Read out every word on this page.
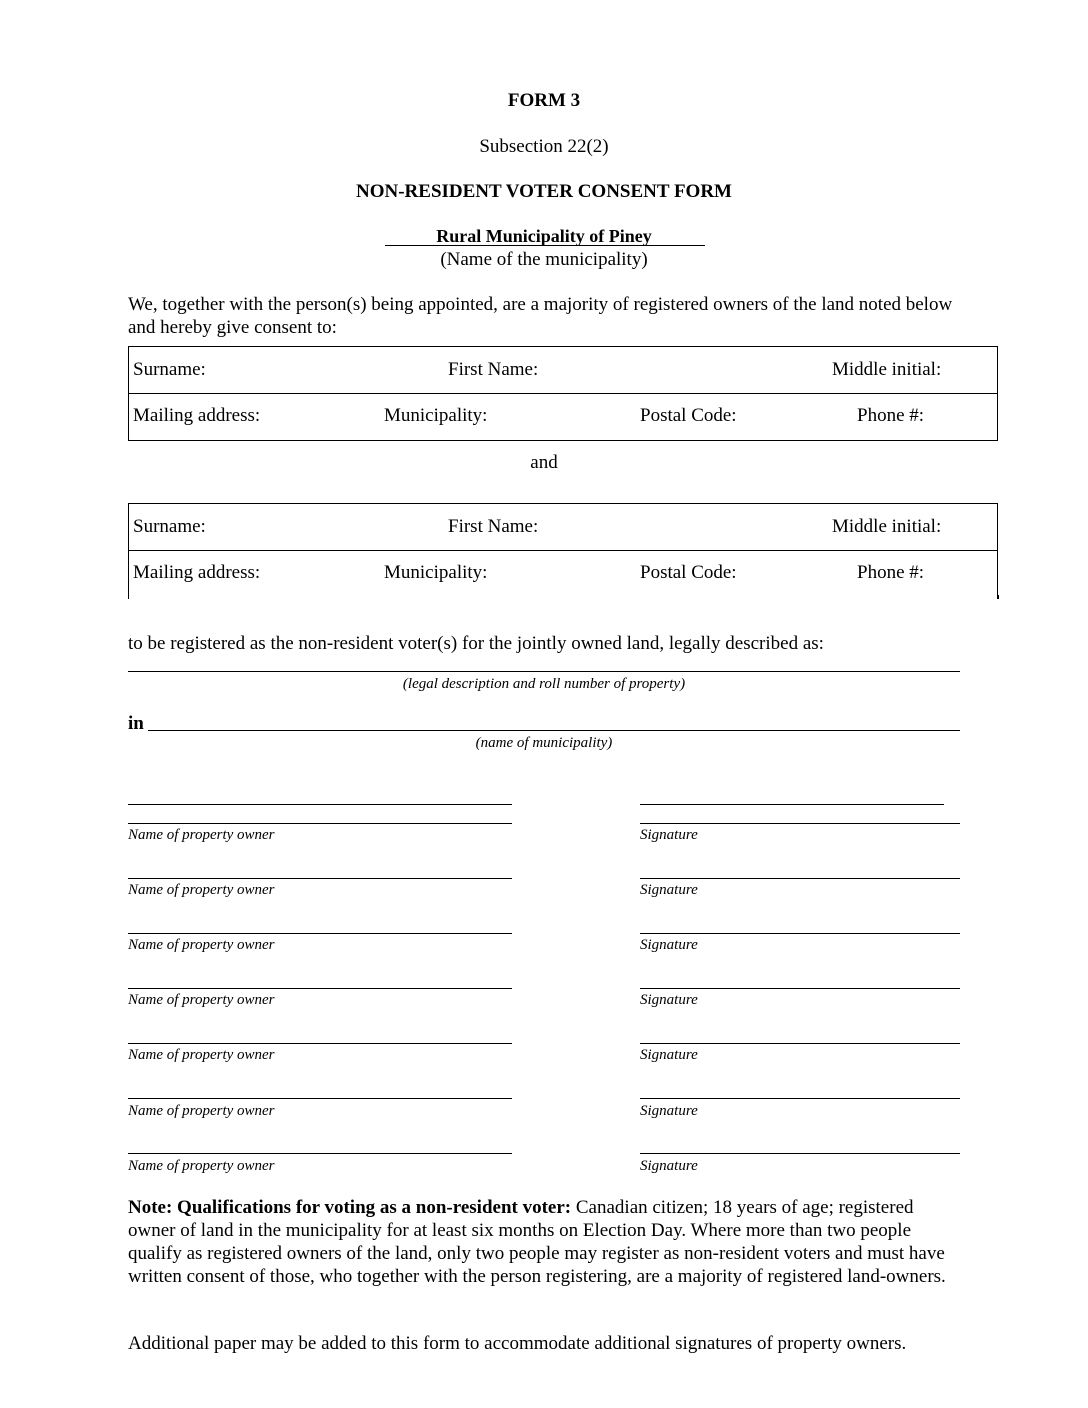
FORM 3
Subsection 22(2)
NON-RESIDENT VOTER CONSENT FORM
Rural Municipality of Piney
(Name of the municipality)
We, together with the person(s) being appointed, are a majority of registered owners of the land noted below and hereby give consent to:
Surname:	First Name:	Middle initial:
Mailing address:	Municipality:	Postal Code:	Phone #:
and
Surname:	First Name:	Middle initial:
Mailing address:	Municipality:	Postal Code:	Phone #:
to be registered as the non-resident voter(s) for the jointly owned land, legally described as:
(legal description and roll number of property)
in
(name of municipality)
Name of property owner	Signature
Name of property owner	Signature
Name of property owner	Signature
Name of property owner	Signature
Name of property owner	Signature
Name of property owner	Signature
Name of property owner	Signature
Note: Qualifications for voting as a non-resident voter: Canadian citizen; 18 years of age; registered owner of land in the municipality for at least six months on Election Day. Where more than two people qualify as registered owners of the land, only two people may register as non-resident voters and must have written consent of those, who together with the person registering, are a majority of registered land-owners.
Additional paper may be added to this form to accommodate additional signatures of property owners.
